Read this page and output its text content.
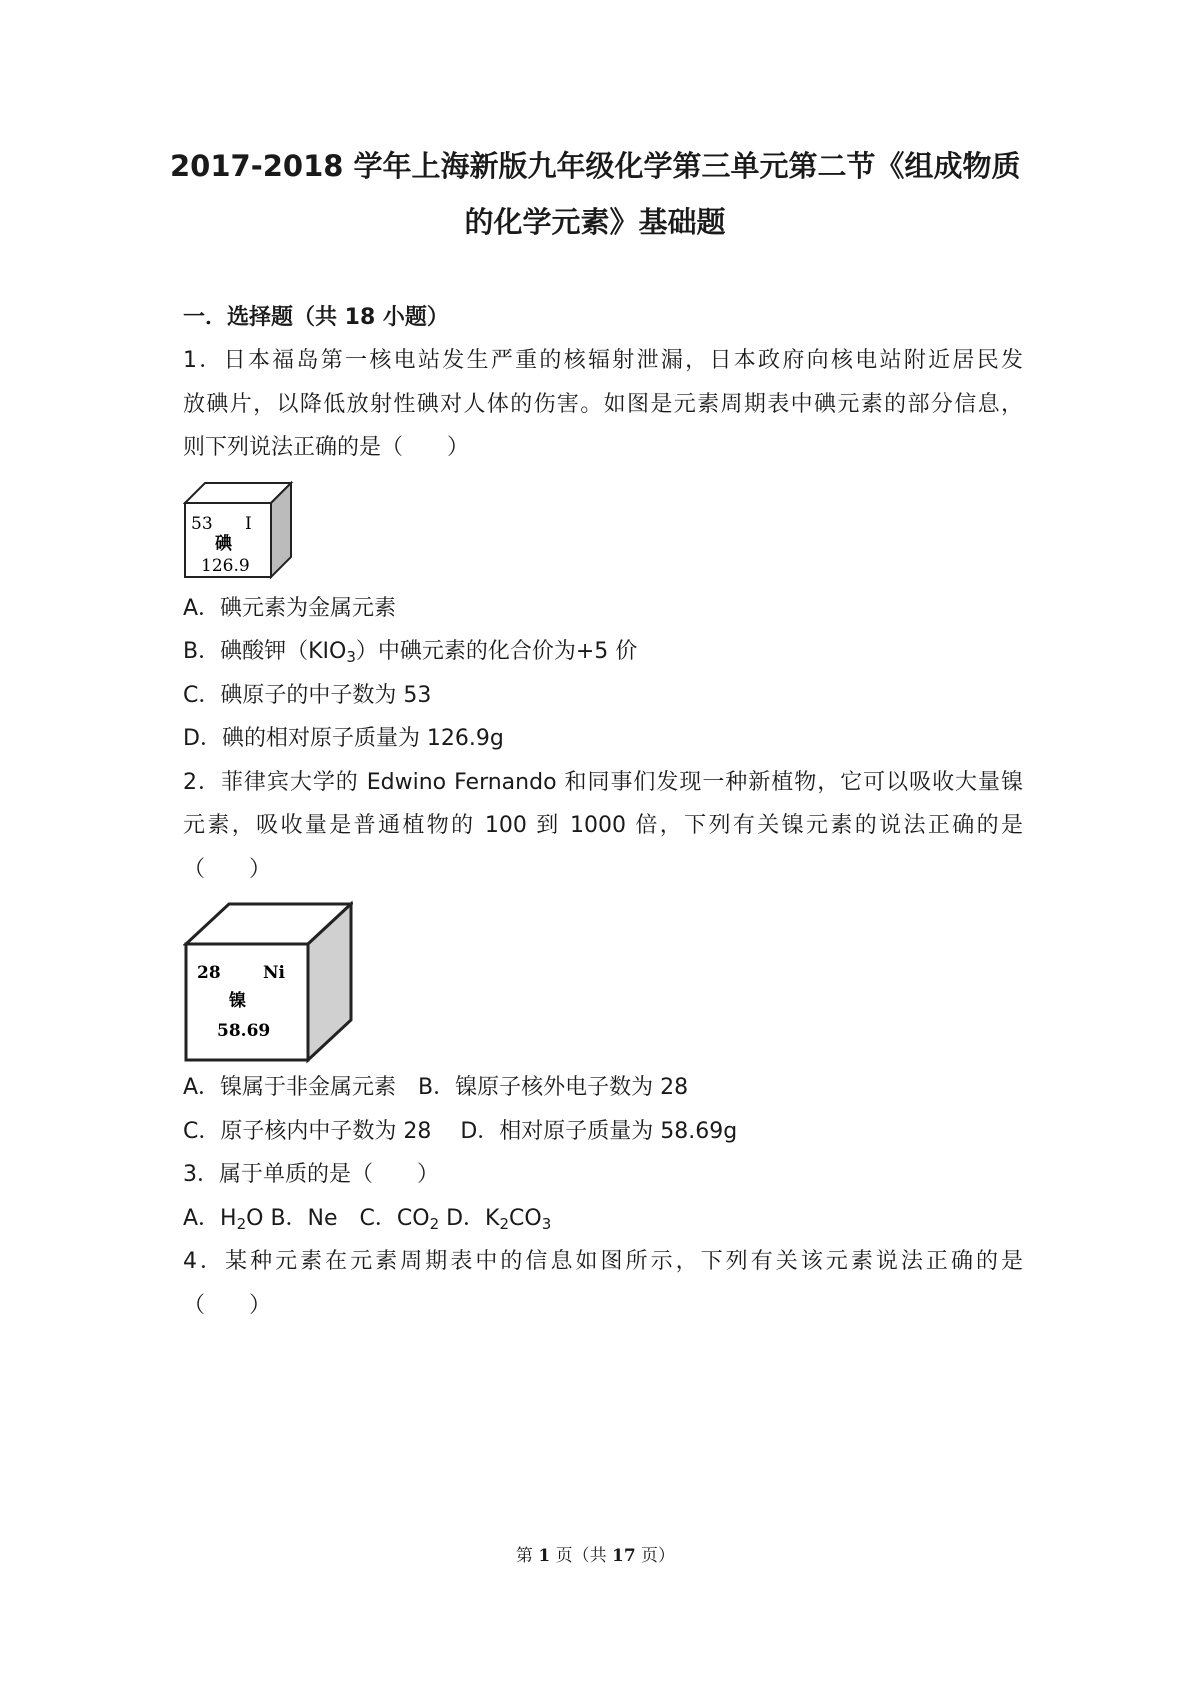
2017-2018 学年上海新版九年级化学第三单元第二节《组成物质
的化学元素》基础题
一．选择题（共 18 小题）
1．日本福岛第一核电站发生严重的核辐射泄漏，日本政府向核电站附近居民发
放碘片，以降低放射性碘对人体的伤害。如图是元素周期表中碘元素的部分信息，
则下列说法正确的是（　　）
53 I
碘
126.9
A．碘元素为金属元素
B．碘酸钾$(KIO_3)$中碘元素的化合价为+5 价
C．碘原子的中子数为 53
D．碘的相对原子质量为 126.9g
2．菲律宾大学的 Edwino Fernando 和同事们发现一种新植物，它可以吸收大量镍
元素，吸收量是普通植物的 100 到 1000 倍，下列有关镍元素的说法正确的是
（　　）
28 Ni
镍
58.69
A．镍属于非金属元素　B．镍原子核外电子数为 28
C．原子核内中子数为 28　 D．相对原子质量为 58.69g
3．属于单质的是（　　）
A．$H_2O$ B．Ne　C．$CO_2$ D．$K_2CO_3$
4．某种元素在元素周期表中的信息如图所示，下列有关该元素说法正确的是
（　　）
第 1 页（共 17 页）
